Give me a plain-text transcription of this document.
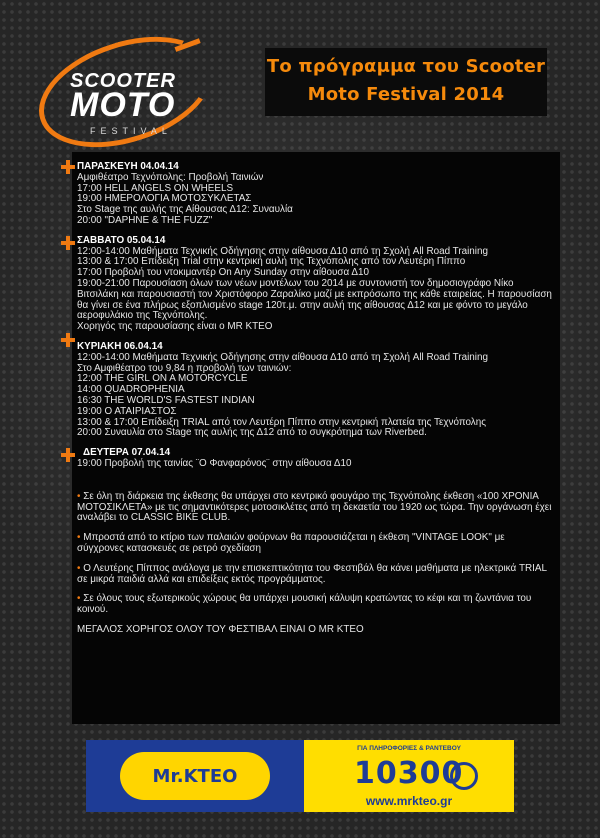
SCOOTER
MOTO
FESTIVAL
Το πρόγραμμα του Scooter
Moto Festival 2014
ΠΑΡΑΣΚΕΥΗ 04.04.14
Αμφιθέατρο Τεχνόπολης: Προβολή Ταινιών
17:00 HELL ANGELS ON WHEELS
19:00 ΗΜΕΡΟΛΟΓΙΑ ΜΟΤΟΣΥΚΛΕΤΑΣ
Στο Stage της αυλής της Αίθουσας Δ12: Συναυλία
20:00 "DAPHNE & THE FUZZ"
ΣΑΒΒΑΤΟ 05.04.14
12:00-14:00 Μαθήματα Τεχνικής Οδήγησης στην αίθουσα Δ10 από τη Σχολή All Road Training
13:00 & 17:00 Επίδειξη Trial στην κεντρική αυλή της Τεχνόπολης από τον Λευτέρη Πίππο
17:00 Προβολή του ντοκιμαντέρ On Any Sunday στην αίθουσα Δ10
19:00-21:00 Παρουσίαση όλων των νέων μοντέλων του 2014 με συντονιστή τον δημοσιογράφο Νίκο Βιτσιλάκη και παρουσιαστή τον Χριστόφορο Ζαραλίκο μαζί με εκπρόσωπο της κάθε εταιρείας. Η παρουσίαση θα γίνει σε ένα πλήρως εξοπλισμένο stage 120τ.μ. στην αυλή της αίθουσας Δ12 και με φόντο το μεγάλο αεροφυλάκιο της Τεχνόπολης.
Χορηγός της παρουσίασης είναι ο MR KTEO
ΚΥΡΙΑΚΗ 06.04.14
12:00-14:00 Μαθήματα Τεχνικής Οδήγησης στην αίθουσα Δ10 από τη Σχολή All Road Training
Στο Αμφιθέατρο του 9,84 η προβολή των ταινιών:
12:00 THE GIRL ON A MOTORCYCLE
14:00 QUADROPHENIA
16:30 THE WORLD'S FASTEST INDIAN
19:00 Ο ΑΤΑΙΡΙΑΣΤΟΣ
13:00 & 17:00 Επίδειξη TRIAL από τον Λευτέρη Πίππο στην κεντρική πλατεία της Τεχνόπολης
20:00 Συναυλία στο Stage της αυλής της Δ12 από το συγκρότημα των Riverbed.
ΔΕΥΤΕΡΑ 07.04.14
19:00 Προβολή της ταινίας ¨Ο Φανφαρόνος¨ στην αίθουσα Δ10

• Σε όλη τη διάρκεια της έκθεσης θα υπάρχει στο κεντρικό φουγάρο της Τεχνόπολης έκθεση «100 ΧΡΟΝΙΑ ΜΟΤΟΣΙΚΛΕΤΑ» με τις σημαντικότερες μοτοσικλέτες από τη δεκαετία του 1920 ως τώρα. Την οργάνωση έχει αναλάβει το CLASSIC BIKE CLUB.

• Μπροστά από το κτίριο των παλαιών φούρνων θα παρουσιάζεται η έκθεση "VINTAGE LOOK" με σύγχρονες κατασκευές σε ρετρό σχεδίαση

• Ο Λευτέρης Πίππος ανάλογα με την επισκεπτικότητα του Φεστιβάλ θα κάνει μαθήματα με ηλεκτρικά TRIAL σε μικρά παιδιά αλλά και επιδείξεις εκτός προγράμματος.

• Σε όλους τους εξωτερικούς χώρους θα υπάρχει μουσική κάλυψη κρατώντας το κέφι και τη ζωντάνια του κοινού.

ΜΕΓΑΛΟΣ ΧΟΡΗΓΟΣ ΟΛΟΥ ΤΟΥ ΦΕΣΤΙΒΑΛ ΕΙΝΑΙ Ο MR KTEO
Mr.KTEO
ΓΙΑ ΠΛΗΡΟΦΟΡΙΕΣ & ΡΑΝΤΕΒΟΥ
10300
www.mrkteo.gr
